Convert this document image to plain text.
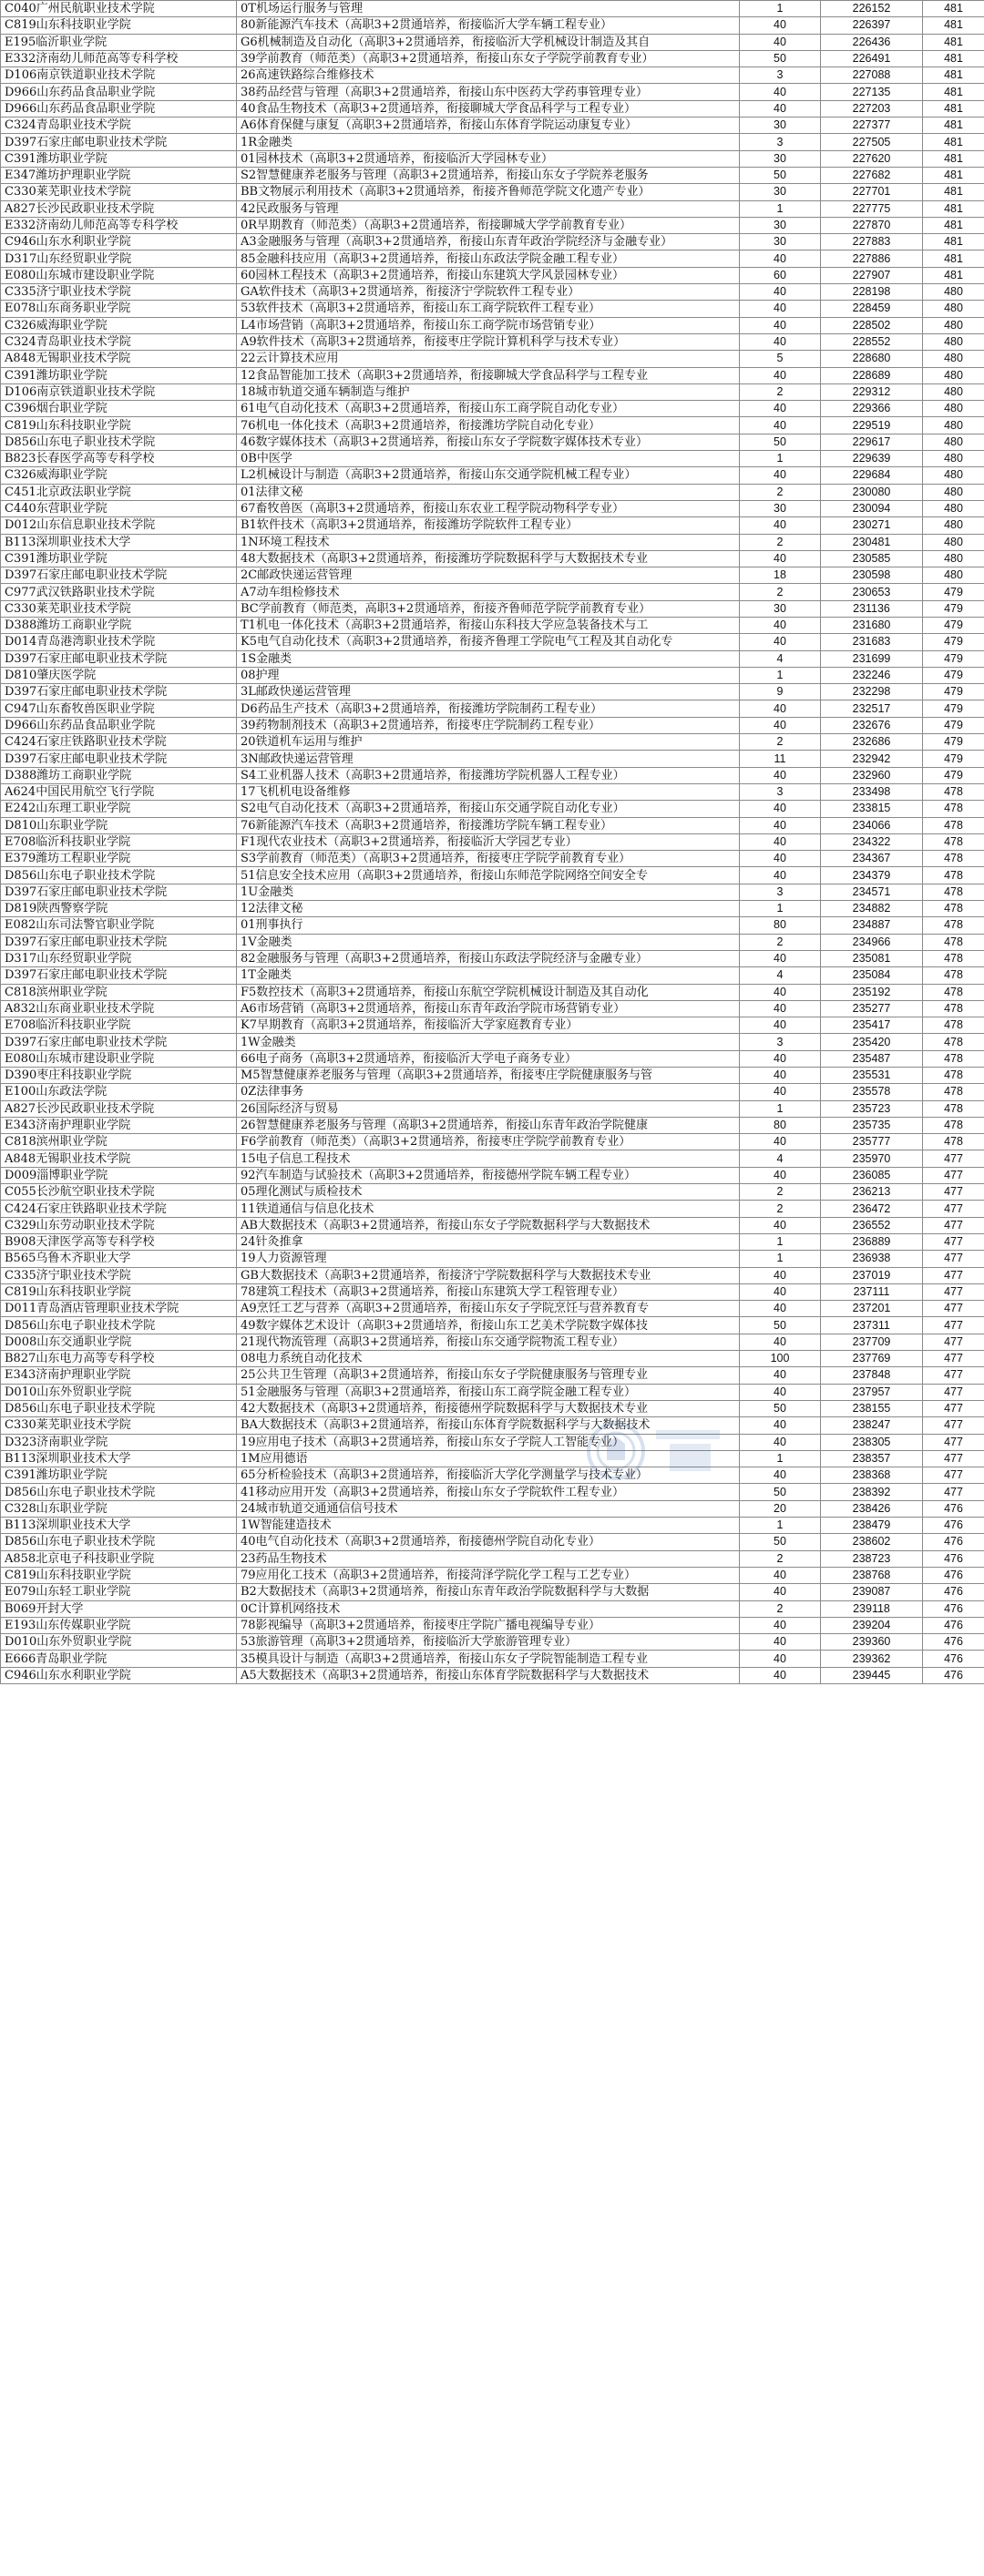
C040广州民航职业技术学院	0T机场运行服务与管理	1	226152	481
C819山东科技职业学院	80新能源汽车技术（高职3+2贯通培养，衔接临沂大学车辆工程专业）	40	226397	481
E195临沂职业学院	G6机械制造及自动化（高职3+2贯通培养，衔接临沂大学机械设计制造及其自	40	226436	481
E332济南幼儿师范高等专科学校	39学前教育（师范类）（高职3+2贯通培养，衔接山东女子学院学前教育专业）	50	226491	481
D106南京铁道职业技术学院	26高速铁路综合维修技术	3	227088	481
D966山东药品食品职业学院	38药品经营与管理（高职3+2贯通培养，衔接山东中医药大学药事管理专业）	40	227135	481
D966山东药品食品职业学院	40食品生物技术（高职3+2贯通培养，衔接聊城大学食品科学与工程专业）	40	227203	481
C324青岛职业技术学院	A6体育保健与康复（高职3+2贯通培养，衔接山东体育学院运动康复专业）	30	227377	481
D397石家庄邮电职业技术学院	1R金融类	3	227505	481
C391潍坊职业学院	01园林技术（高职3+2贯通培养，衔接临沂大学园林专业）	30	227620	481
E347潍坊护理职业学院	S2智慧健康养老服务与管理（高职3+2贯通培养，衔接山东女子学院养老服务	50	227682	481
C330莱芜职业技术学院	BB文物展示利用技术（高职3+2贯通培养，衔接齐鲁师范学院文化遗产专业）	30	227701	481
A827长沙民政职业技术学院	42民政服务与管理	1	227775	481
E332济南幼儿师范高等专科学校	0R早期教育（师范类）（高职3+2贯通培养，衔接聊城大学学前教育专业）	30	227870	481
C946山东水利职业学院	A3金融服务与管理（高职3+2贯通培养，衔接山东青年政治学院经济与金融专业）	30	227883	481
D317山东经贸职业学院	85金融科技应用（高职3+2贯通培养，衔接山东政法学院金融工程专业）	40	227886	481
E080山东城市建设职业学院	60园林工程技术（高职3+2贯通培养，衔接山东建筑大学风景园林专业）	60	227907	481
C335济宁职业技术学院	GA软件技术（高职3+2贯通培养，衔接济宁学院软件工程专业）	40	228198	480
E078山东商务职业学院	53软件技术（高职3+2贯通培养，衔接山东工商学院软件工程专业）	40	228459	480
C326威海职业学院	L4市场营销（高职3+2贯通培养，衔接山东工商学院市场营销专业）	40	228502	480
C324青岛职业技术学院	A9软件技术（高职3+2贯通培养，衔接枣庄学院计算机科学与技术专业）	40	228552	480
A848无锡职业技术学院	22云计算技术应用	5	228680	480
C391潍坊职业学院	12食品智能加工技术（高职3+2贯通培养，衔接聊城大学食品科学与工程专业	40	228689	480
D106南京铁道职业技术学院	18城市轨道交通车辆制造与维护	2	229312	480
C396烟台职业学院	61电气自动化技术（高职3+2贯通培养，衔接山东工商学院自动化专业）	40	229366	480
C819山东科技职业学院	76机电一体化技术（高职3+2贯通培养，衔接潍坊学院自动化专业）	40	229519	480
D856山东电子职业技术学院	46数字媒体技术（高职3+2贯通培养，衔接山东女子学院数字媒体技术专业）	50	229617	480
B823长春医学高等专科学校	0B中医学	1	229639	480
C326威海职业学院	L2机械设计与制造（高职3+2贯通培养，衔接山东交通学院机械工程专业）	40	229684	480
C451北京政法职业学院	01法律文秘	2	230080	480
C440东营职业学院	67畜牧兽医（高职3+2贯通培养，衔接山东农业工程学院动物科学专业）	30	230094	480
D012山东信息职业技术学院	B1软件技术（高职3+2贯通培养，衔接潍坊学院软件工程专业）	40	230271	480
B113深圳职业技术大学	1N环境工程技术	2	230481	480
C391潍坊职业学院	48大数据技术（高职3+2贯通培养，衔接潍坊学院数据科学与大数据技术专业	40	230585	480
D397石家庄邮电职业技术学院	2C邮政快递运营管理	18	230598	480
C977武汉铁路职业技术学院	A7动车组检修技术	2	230653	479
C330莱芜职业技术学院	BC学前教育（师范类，高职3+2贯通培养，衔接齐鲁师范学院学前教育专业）	30	231136	479
D388潍坊工商职业学院	T1机电一体化技术（高职3+2贯通培养，衔接山东科技大学应急装备技术与工	40	231680	479
D014青岛港湾职业技术学院	K5电气自动化技术（高职3+2贯通培养，衔接齐鲁理工学院电气工程及其自动化专	40	231683	479
D397石家庄邮电职业技术学院	1S金融类	4	231699	479
D810肇庆医学院	08护理	1	232246	479
D397石家庄邮电职业技术学院	3L邮政快递运营管理	9	232298	479
C947山东畜牧兽医职业学院	D6药品生产技术（高职3+2贯通培养，衔接潍坊学院制药工程专业）	40	232517	479
D966山东药品食品职业学院	39药物制剂技术（高职3+2贯通培养，衔接枣庄学院制药工程专业）	40	232676	479
C424石家庄铁路职业技术学院	20铁道机车运用与维护	2	232686	479
D397石家庄邮电职业技术学院	3N邮政快递运营管理	11	232942	479
D388潍坊工商职业学院	S4工业机器人技术（高职3+2贯通培养，衔接潍坊学院机器人工程专业）	40	232960	479
A624中国民用航空飞行学院	17飞机机电设备维修	3	233498	478
E242山东理工职业学院	S2电气自动化技术（高职3+2贯通培养，衔接山东交通学院自动化专业）	40	233815	478
D810山东职业学院	76新能源汽车技术（高职3+2贯通培养，衔接潍坊学院车辆工程专业）	40	234066	478
E708临沂科技职业学院	F1现代农业技术（高职3+2贯通培养，衔接临沂大学园艺专业）	40	234322	478
E379潍坊工程职业学院	S3学前教育（师范类）（高职3+2贯通培养，衔接枣庄学院学前教育专业）	40	234367	478
D856山东电子职业技术学院	51信息安全技术应用（高职3+2贯通培养，衔接山东师范学院网络空间安全专	40	234379	478
D397石家庄邮电职业技术学院	1U金融类	3	234571	478
D819陕西警察学院	12法律文秘	1	234882	478
E082山东司法警官职业学院	01刑事执行	80	234887	478
D397石家庄邮电职业技术学院	1V金融类	2	234966	478
D317山东经贸职业学院	82金融服务与管理（高职3+2贯通培养，衔接山东政法学院经济与金融专业）	40	235081	478
D397石家庄邮电职业技术学院	1T金融类	4	235084	478
C818滨州职业学院	F5数控技术（高职3+2贯通培养，衔接山东航空学院机械设计制造及其自动化	40	235192	478
A832山东商业职业技术学院	A6市场营销（高职3+2贯通培养，衔接山东青年政治学院市场营销专业）	40	235277	478
E708临沂科技职业学院	K7早期教育（高职3+2贯通培养，衔接临沂大学家庭教育专业）	40	235417	478
D397石家庄邮电职业技术学院	1W金融类	3	235420	478
E080山东城市建设职业学院	66电子商务（高职3+2贯通培养，衔接临沂大学电子商务专业）	40	235487	478
D390枣庄科技职业学院	M5智慧健康养老服务与管理（高职3+2贯通培养，衔接枣庄学院健康服务与管	40	235531	478
E100山东政法学院	0Z法律事务	40	235578	478
A827长沙民政职业技术学院	26国际经济与贸易	1	235723	478
E343济南护理职业学院	26智慧健康养老服务与管理（高职3+2贯通培养，衔接山东青年政治学院健康	80	235735	478
C818滨州职业学院	F6学前教育（师范类）（高职3+2贯通培养，衔接枣庄学院学前教育专业）	40	235777	478
A848无锡职业技术学院	15电子信息工程技术	4	235970	477
D009淄博职业学院	92汽车制造与试验技术（高职3+2贯通培养，衔接德州学院车辆工程专业）	40	236085	477
C055长沙航空职业技术学院	05理化测试与质检技术	2	236213	477
C424石家庄铁路职业技术学院	11铁道通信与信息化技术	2	236472	477
C329山东劳动职业技术学院	AB大数据技术（高职3+2贯通培养，衔接山东女子学院数据科学与大数据技术	40	236552	477
B908天津医学高等专科学校	24针灸推拿	1	236889	477
B565乌鲁木齐职业大学	19人力资源管理	1	236938	477
C335济宁职业技术学院	GB大数据技术（高职3+2贯通培养，衔接济宁学院数据科学与大数据技术专业	40	237019	477
C819山东科技职业学院	78建筑工程技术（高职3+2贯通培养，衔接山东建筑大学工程管理专业）	40	237111	477
D011青岛酒店管理职业技术学院	A9烹饪工艺与营养（高职3+2贯通培养，衔接山东女子学院烹饪与营养教育专	40	237201	477
D856山东电子职业技术学院	49数字媒体艺术设计（高职3+2贯通培养，衔接山东工艺美术学院数字媒体技	50	237311	477
D008山东交通职业学院	21现代物流管理（高职3+2贯通培养，衔接山东交通学院物流工程专业）	40	237709	477
B827山东电力高等专科学校	08电力系统自动化技术	100	237769	477
E343济南护理职业学院	25公共卫生管理（高职3+2贯通培养，衔接山东女子学院健康服务与管理专业	40	237848	477
D010山东外贸职业学院	51金融服务与管理（高职3+2贯通培养，衔接山东工商学院金融工程专业）	40	237957	477
D856山东电子职业技术学院	42大数据技术（高职3+2贯通培养，衔接德州学院数据科学与大数据技术专业	50	238155	477
C330莱芜职业技术学院	BA大数据技术（高职3+2贯通培养，衔接山东体育学院数据科学与大数据技术	40	238247	477
D323济南职业学院	19应用电子技术（高职3+2贯通培养，衔接山东女子学院人工智能专业）	40	238305	477
B113深圳职业技术大学	1M应用德语	1	238357	477
C391潍坊职业学院	65分析检验技术（高职3+2贯通培养，衔接临沂大学化学测量学与技术专业）	40	238368	477
D856山东电子职业技术学院	41移动应用开发（高职3+2贯通培养，衔接山东女子学院软件工程专业）	50	238392	477
C328山东职业学院	24城市轨道交通通信信号技术	20	238426	476
B113深圳职业技术大学	1W智能建造技术	1	238479	476
D856山东电子职业技术学院	40电气自动化技术（高职3+2贯通培养，衔接德州学院自动化专业）	50	238602	476
A858北京电子科技职业学院	23药品生物技术	2	238723	476
C819山东科技职业学院	79应用化工技术（高职3+2贯通培养，衔接菏泽学院化学工程与工艺专业）	40	238768	476
E079山东轻工职业学院	B2大数据技术（高职3+2贯通培养，衔接山东青年政治学院数据科学与大数据	40	239087	476
B069开封大学	0C计算机网络技术	2	239118	476
E193山东传媒职业学院	78影视编导（高职3+2贯通培养，衔接枣庄学院广播电视编导专业）	40	239204	476
D010山东外贸职业学院	53旅游管理（高职3+2贯通培养，衔接临沂大学旅游管理专业）	40	239360	476
E666青岛职业学院	35模具设计与制造（高职3+2贯通培养，衔接山东女子学院智能制造工程专业	40	239362	476
C946山东水利职业学院	A5大数据技术（高职3+2贯通培养，衔接山东体育学院数据科学与大数据技术	40	239445	476
